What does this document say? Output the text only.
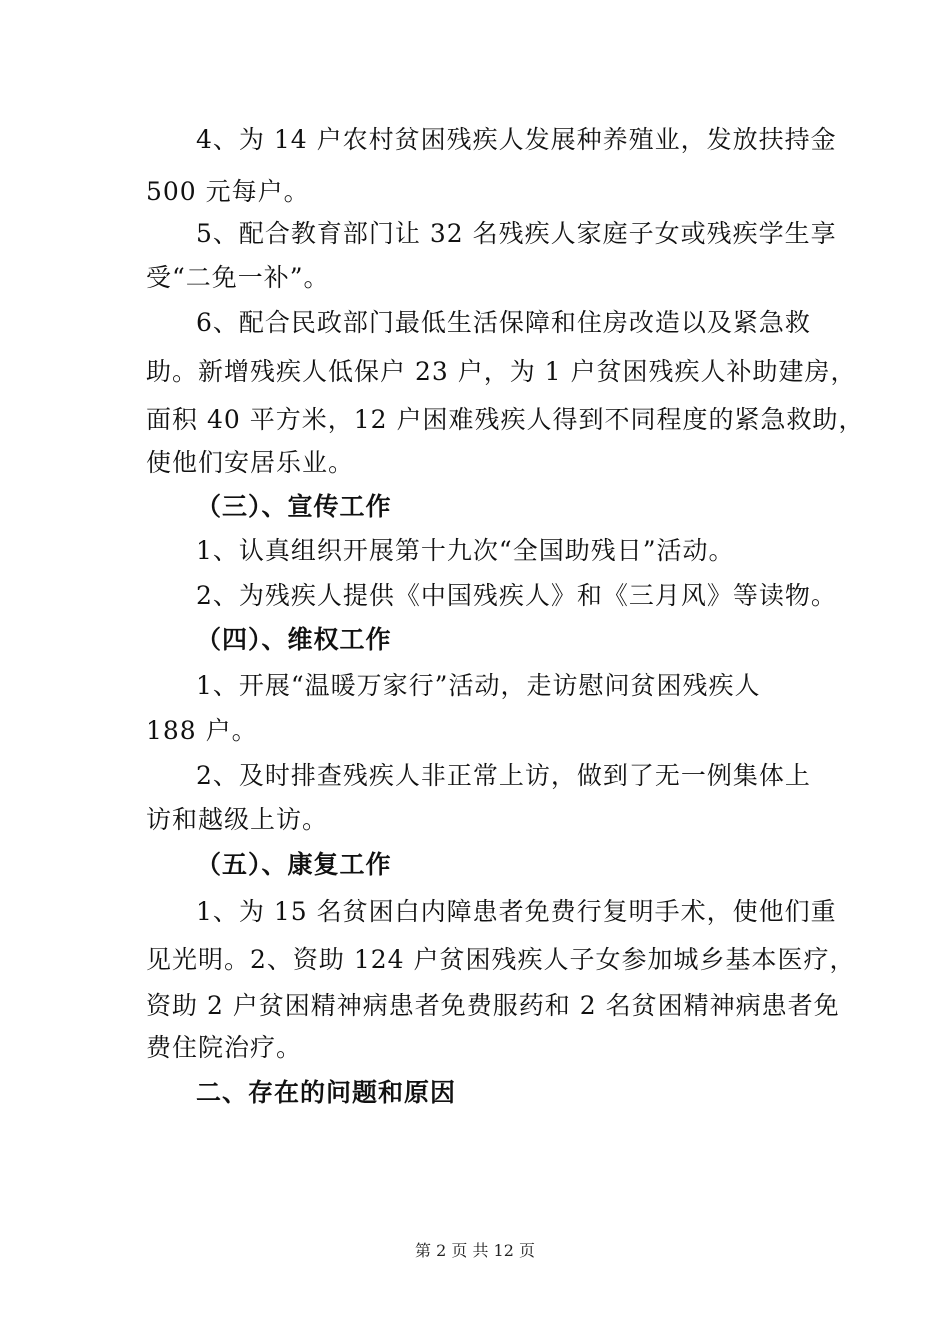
4、为 14 户农村贫困残疾人发展种养殖业，发放扶持金
500 元每户。
5、配合教育部门让 32 名残疾人家庭子女或残疾学生享
受“二免一补”。
6、配合民政部门最低生活保障和住房改造以及紧急救
助。新增残疾人低保户 23 户，为 1 户贫困残疾人补助建房，
面积 40 平方米，12 户困难残疾人得到不同程度的紧急救助，
使他们安居乐业。
（三）、宣传工作
1、认真组织开展第十九次“全国助残日”活动。
2、为残疾人提供《中国残疾人》和《三月风》等读物。
（四）、维权工作
1、开展“温暖万家行”活动，走访慰问贫困残疾人
188 户。
2、及时排查残疾人非正常上访，做到了无一例集体上
访和越级上访。
（五）、康复工作
1、为 15 名贫困白内障患者免费行复明手术，使他们重
见光明。2、资助 124 户贫困残疾人子女参加城乡基本医疗，
资助 2 户贫困精神病患者免费服药和 2 名贫困精神病患者免
费住院治疗。
二、存在的问题和原因
第 2 页 共 12 页
